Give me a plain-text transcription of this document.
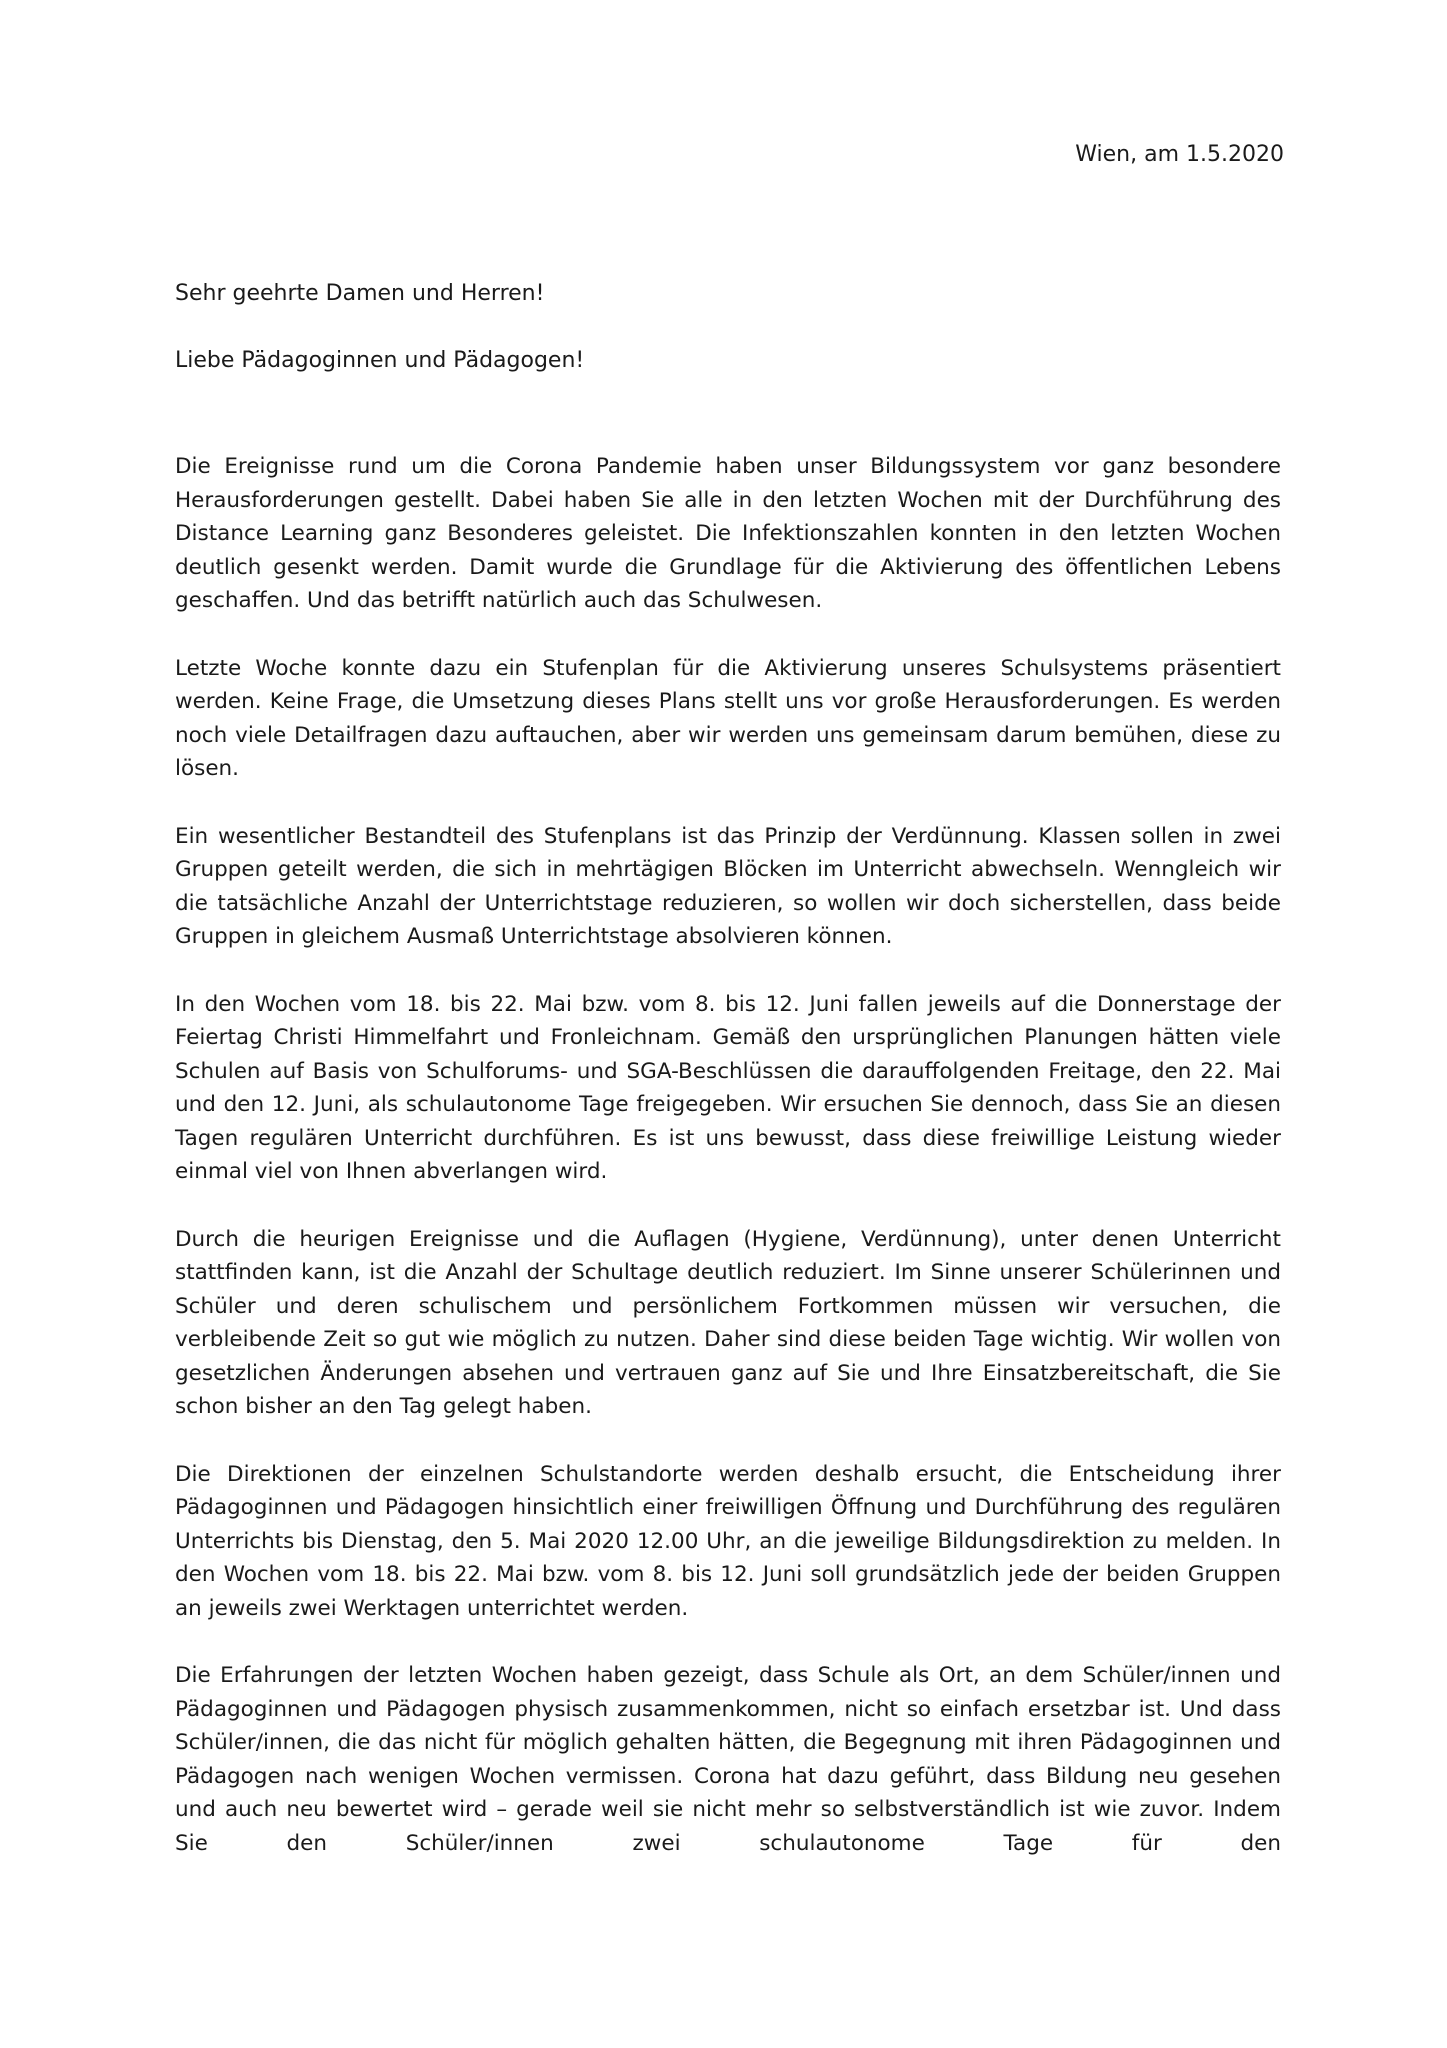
Wien, am 1.5.2020
Sehr geehrte Damen und Herren!
Liebe Pädagoginnen und Pädagogen!

Die Ereignisse rund um die Corona Pandemie haben unser Bildungssystem vor ganz besondere Herausforderungen gestellt. Dabei haben Sie alle in den letzten Wochen mit der Durchführung des Distance Learning ganz Besonderes geleistet. Die Infektionszahlen konnten in den letzten Wochen deutlich gesenkt werden. Damit wurde die Grundlage für die Aktivierung des öffentlichen Lebens geschaffen. Und das betrifft natürlich auch das Schulwesen.

Letzte Woche konnte dazu ein Stufenplan für die Aktivierung unseres Schulsystems präsentiert werden. Keine Frage, die Umsetzung dieses Plans stellt uns vor große Herausforderungen. Es werden noch viele Detailfragen dazu auftauchen, aber wir werden uns gemeinsam darum bemühen, diese zu lösen.

Ein wesentlicher Bestandteil des Stufenplans ist das Prinzip der Verdünnung. Klassen sollen in zwei Gruppen geteilt werden, die sich in mehrtägigen Blöcken im Unterricht abwechseln. Wenngleich wir die tatsächliche Anzahl der Unterrichtstage reduzieren, so wollen wir doch sicherstellen, dass beide Gruppen in gleichem Ausmaß Unterrichtstage absolvieren können.

In den Wochen vom 18. bis 22. Mai bzw. vom 8. bis 12. Juni fallen jeweils auf die Donnerstage der Feiertag Christi Himmelfahrt und Fronleichnam. Gemäß den ursprünglichen Planungen hätten viele Schulen auf Basis von Schulforums- und SGA-Beschlüssen die darauffolgenden Freitage, den 22. Mai und den 12. Juni, als schulautonome Tage freigegeben. Wir ersuchen Sie dennoch, dass Sie an diesen Tagen regulären Unterricht durchführen. Es ist uns bewusst, dass diese freiwillige Leistung wieder einmal viel von Ihnen abverlangen wird.

Durch die heurigen Ereignisse und die Auflagen (Hygiene, Verdünnung), unter denen Unterricht stattfinden kann, ist die Anzahl der Schultage deutlich reduziert. Im Sinne unserer Schülerinnen und Schüler und deren schulischem und persönlichem Fortkommen müssen wir versuchen, die verbleibende Zeit so gut wie möglich zu nutzen. Daher sind diese beiden Tage wichtig. Wir wollen von gesetzlichen Änderungen absehen und vertrauen ganz auf Sie und Ihre Einsatzbereitschaft, die Sie schon bisher an den Tag gelegt haben.

Die Direktionen der einzelnen Schulstandorte werden deshalb ersucht, die Entscheidung ihrer Pädagoginnen und Pädagogen hinsichtlich einer freiwilligen Öffnung und Durchführung des regulären Unterrichts bis Dienstag, den 5. Mai 2020 12.00 Uhr, an die jeweilige Bildungsdirektion zu melden. In den Wochen vom 18. bis 22. Mai bzw. vom 8. bis 12. Juni soll grundsätzlich jede der beiden Gruppen an jeweils zwei Werktagen unterrichtet werden.

Die Erfahrungen der letzten Wochen haben gezeigt, dass Schule als Ort, an dem Schüler/innen und Pädagoginnen und Pädagogen physisch zusammenkommen, nicht so einfach ersetzbar ist. Und dass Schüler/innen, die das nicht für möglich gehalten hätten, die Begegnung mit ihren Pädagoginnen und Pädagogen nach wenigen Wochen vermissen. Corona hat dazu geführt, dass Bildung neu gesehen und auch neu bewertet wird – gerade weil sie nicht mehr so selbstverständlich ist wie zuvor. Indem Sie den Schüler/innen zwei schulautonome Tage für den
